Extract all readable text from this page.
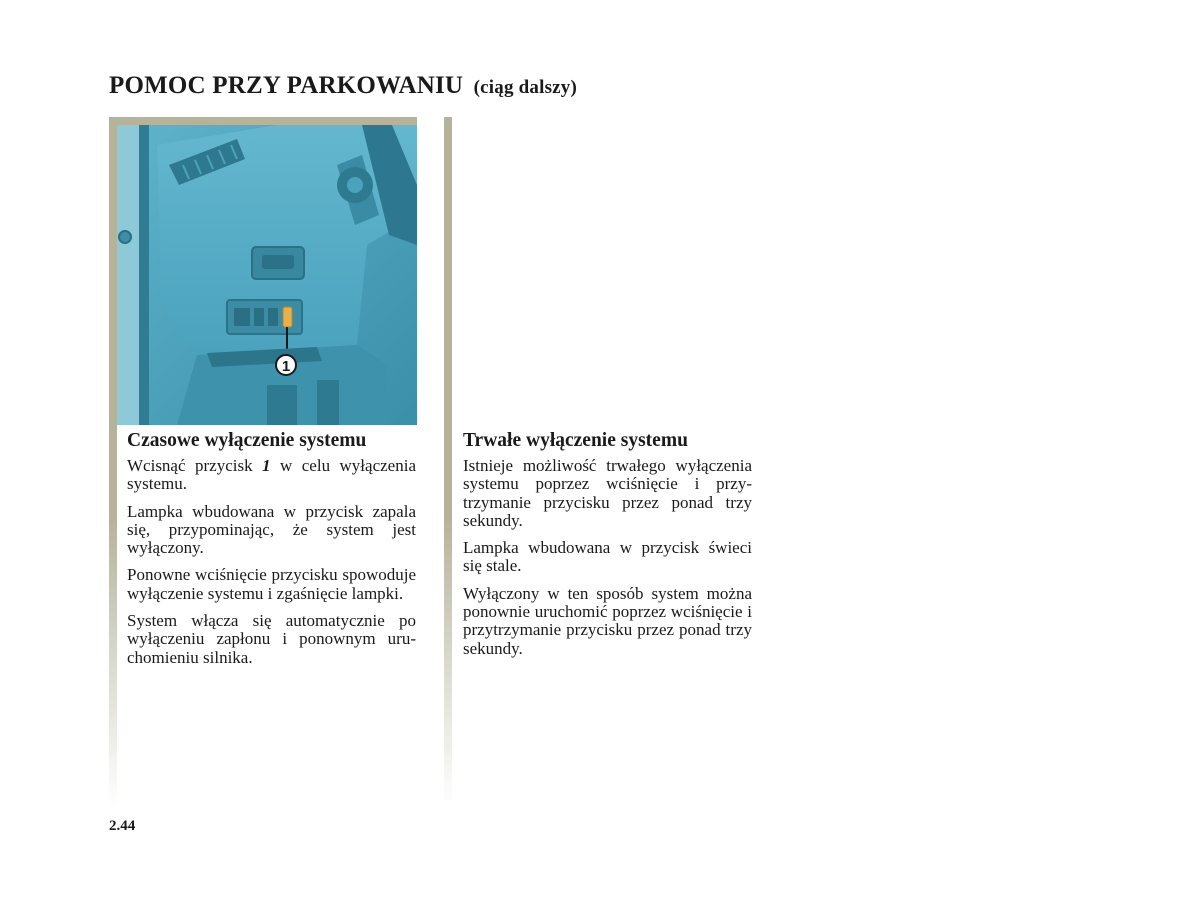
POMOC PRZY PARKOWANIU (ciąg dalszy)
1
Czasowe wyłączenie systemu

Wcisnąć przycisk 1 w celu wyłączenia systemu.

Lampka wbudowana w przycisk zapala się, przypominając, że system jest wyłączony.

Ponowne wciśnięcie przycisku spowoduje wyłączenie systemu i zgaśnięcie lampki.

System włącza się automatycznie po wyłączeniu zapłonu i ponownym uruchomieniu silnika.

Trwałe wyłączenie systemu

Istnieje możliwość trwałego wyłączenia systemu poprzez wciśnięcie i przytrzymanie przycisku przez ponad trzy sekundy.

Lampka wbudowana w przycisk świeci się stale.

Wyłączony w ten sposób system można ponownie uruchomić poprzez wciśnięcie i przytrzymanie przycisku przez ponad trzy sekundy.

2.44
